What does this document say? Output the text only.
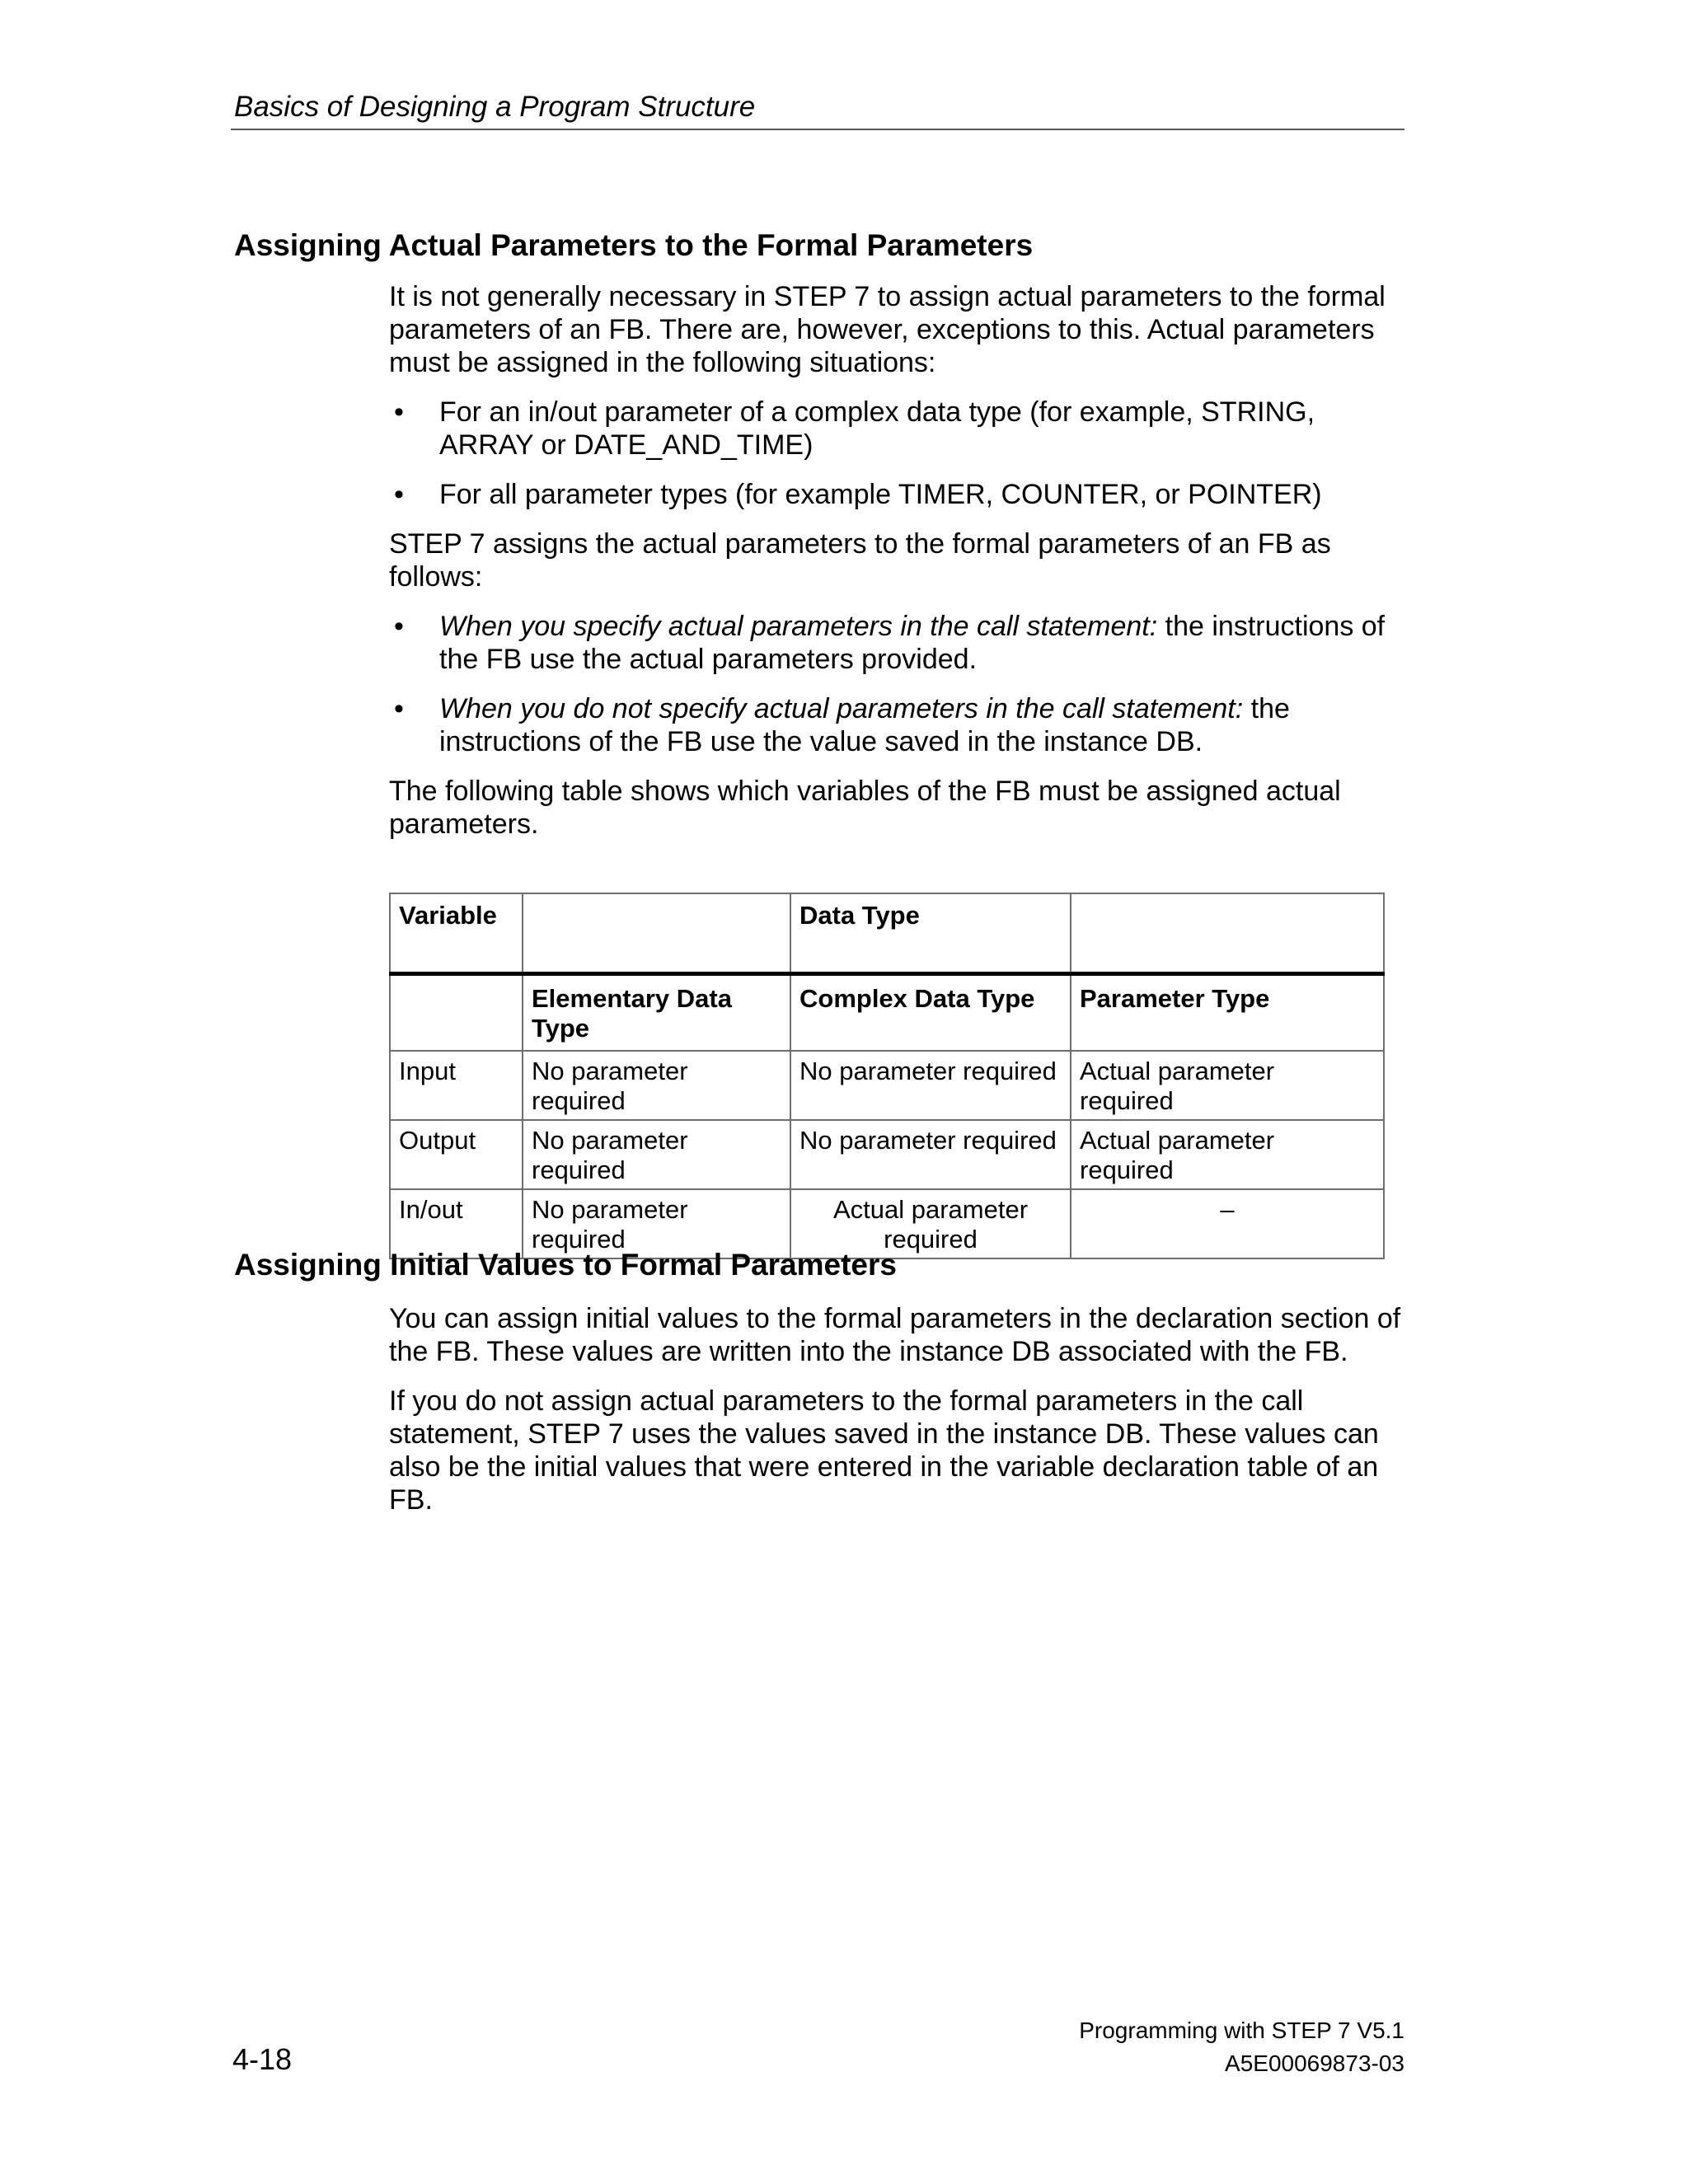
Basics of Designing a Program Structure
Assigning Actual Parameters to the Formal Parameters

It is not generally necessary in STEP 7 to assign actual parameters to the formal parameters of an FB. There are, however, exceptions to this. Actual parameters must be assigned in the following situations:

• For an in/out parameter of a complex data type (for example, STRING, ARRAY or DATE_AND_TIME)
• For all parameter types (for example TIMER, COUNTER, or POINTER)

STEP 7 assigns the actual parameters to the formal parameters of an FB as follows:

• When you specify actual parameters in the call statement: the instructions of the FB use the actual parameters provided.
• When you do not specify actual parameters in the call statement: the instructions of the FB use the value saved in the instance DB.

The following table shows which variables of the FB must be assigned actual parameters.

Variable		Data Type	
	Elementary Data Type	Complex Data Type	Parameter Type
Input	No parameter required	No parameter required	Actual parameter required
Output	No parameter required	No parameter required	Actual parameter required
In/out	No parameter required	Actual parameter required	–
Assigning Initial Values to Formal Parameters

You can assign initial values to the formal parameters in the declaration section of the FB. These values are written into the instance DB associated with the FB.

If you do not assign actual parameters to the formal parameters in the call statement, STEP 7 uses the values saved in the instance DB. These values can also be the initial values that were entered in the variable declaration table of an FB.

Programming with STEP 7 V5.1
A5E00069873-03
4-18
